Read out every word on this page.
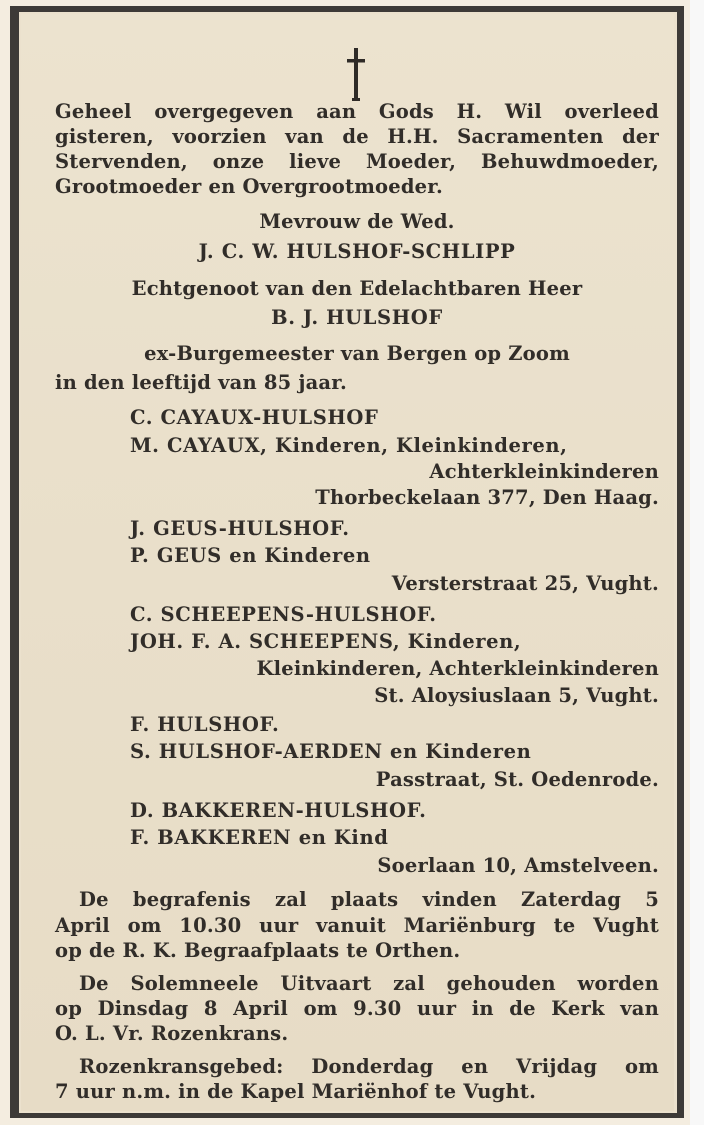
Geheel overgegeven aan Gods H. Wil overleed
gisteren, voorzien van de H.H. Sacramenten der
Stervenden, onze lieve Moeder, Behuwdmoeder,
Grootmoeder en Overgrootmoeder.
Mevrouw de Wed.
J. C. W. HULSHOF-SCHLIPP
Echtgenoot van den Edelachtbaren Heer
B. J. HULSHOF
ex-Burgemeester van Bergen op Zoom
in den leeftijd van 85 jaar.
C. CAYAUX-HULSHOF
M. CAYAUX, Kinderen, Kleinkinderen,
Achterkleinkinderen
Thorbeckelaan 377, Den Haag.
J. GEUS-HULSHOF.
P. GEUS en Kinderen
Versterstraat 25, Vught.
C. SCHEEPENS-HULSHOF.
JOH. F. A. SCHEEPENS, Kinderen,
Kleinkinderen, Achterkleinkinderen
St. Aloysiuslaan 5, Vught.
F. HULSHOF.
S. HULSHOF-AERDEN en Kinderen
Passtraat, St. Oedenrode.
D. BAKKEREN-HULSHOF.
F. BAKKEREN en Kind
Soerlaan 10, Amstelveen.
De begrafenis zal plaats vinden Zaterdag 5
April om 10.30 uur vanuit Mariënburg te Vught
op de R. K. Begraafplaats te Orthen.
De Solemneele Uitvaart zal gehouden worden
op Dinsdag 8 April om 9.30 uur in de Kerk van
O. L. Vr. Rozenkrans.
Rozenkransgebed: Donderdag en Vrijdag om
7 uur n.m. in de Kapel Mariënhof te Vught.
